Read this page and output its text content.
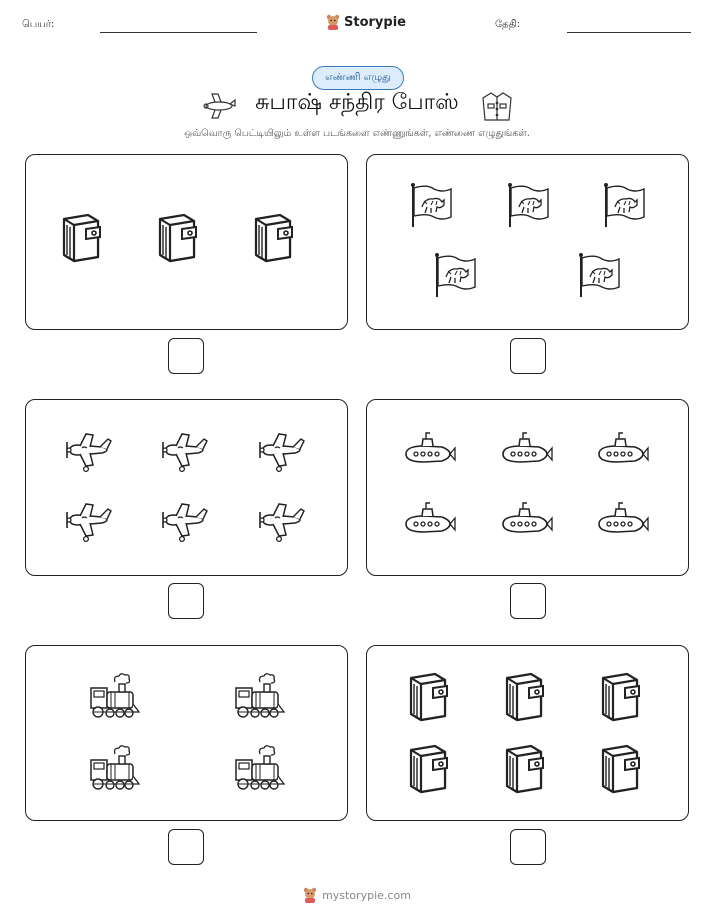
பெயர்:	Storypie	தேதி:
எண்ணி எழுது
சுபாஷ் சந்திர போஸ்
ஒவ்வொரு பெட்டியிலும் உள்ள படங்களை எண்ணுங்கள், எண்ணை எழுதுங்கள்.
mystorypie.com
